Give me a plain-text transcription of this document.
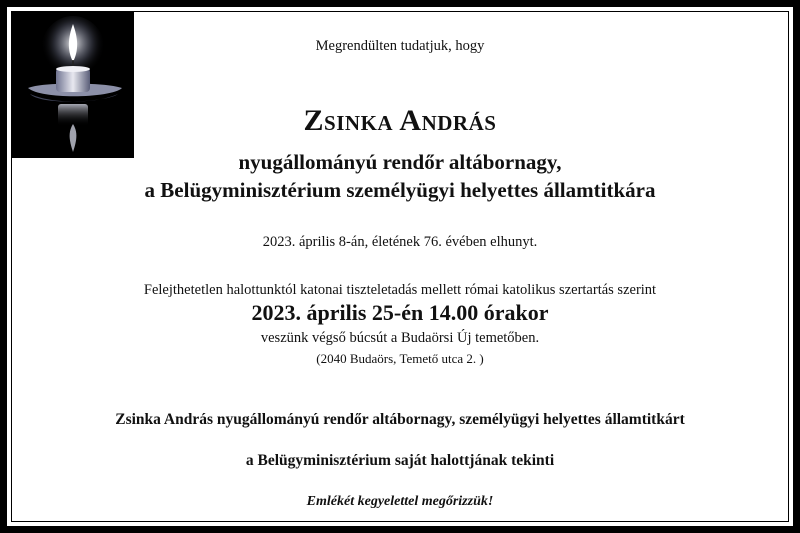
Megrendülten tudatjuk, hogy
Zsinka András
nyugállományú rendőr altábornagy,
a Belügyminisztérium személyügyi helyettes államtitkára
2023. április 8-án, életének 76. évében elhunyt.
Felejthetetlen halottunktól katonai tiszteletadás mellett római katolikus szertartás szerint
2023. április 25-én 14.00 órakor
veszünk végső búcsút a Budaörsi Új temetőben.
(2040 Budaörs, Temető utca 2. )
Zsinka András nyugállományú rendőr altábornagy, személyügyi helyettes államtitkárt
a Belügyminisztérium saját halottjának tekinti
Emlékét kegyelettel megőrizzük!
